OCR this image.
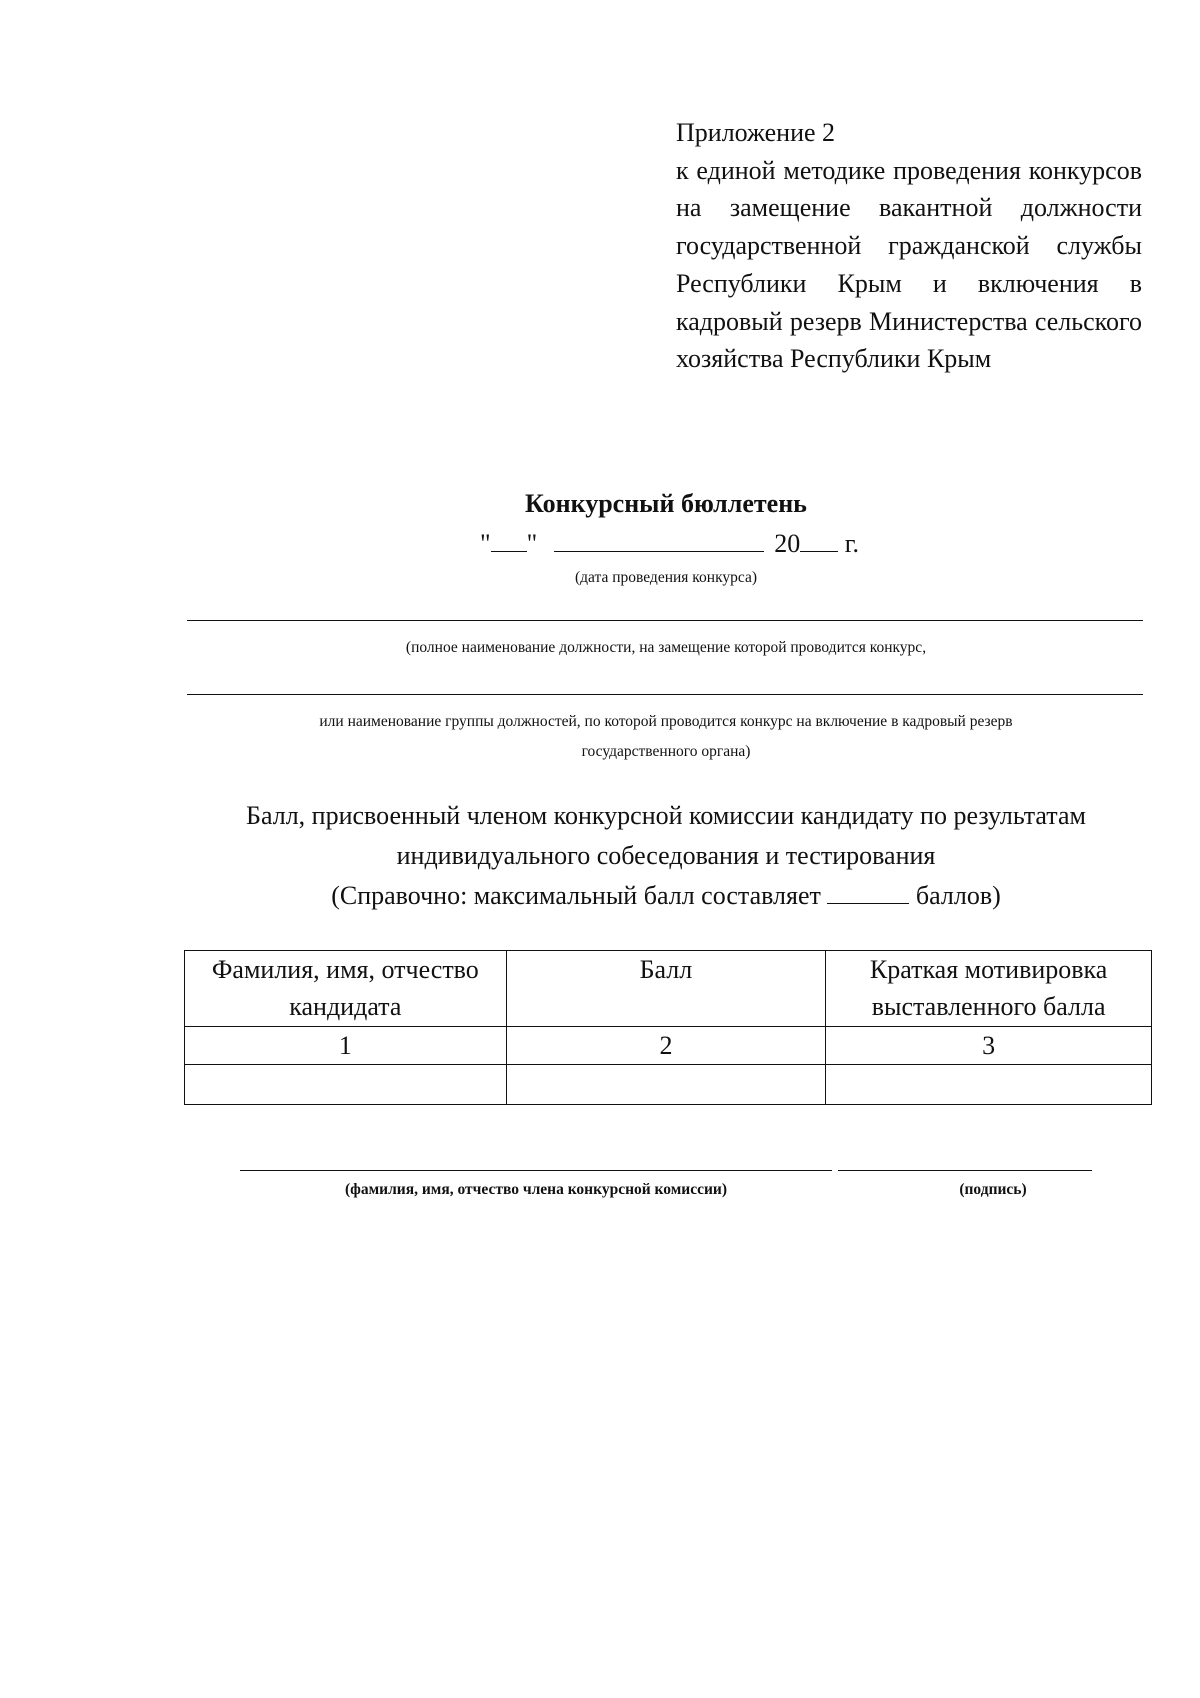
Приложение 2
к единой методике проведения конкурсов на замещение вакантной должности государственной гражданской службы Республики Крым и включения в кадровый резерв Министерства сельского хозяйства Республики Крым
Конкурсный бюллетень
" "	20 г.
(дата проведения конкурса)
(полное наименование должности, на замещение которой проводится конкурс,
или наименование группы должностей, по которой проводится конкурс на включение в кадровый резерв
государственного органа)
Балл, присвоенный членом конкурсной комиссии кандидату по результатам
индивидуального собеседования и тестирования
(Справочно: максимальный балл составляет	баллов)
Фамилия, имя, отчество кандидата	Балл	Краткая мотивировка выставленного балла
1	2	3

(фамилия, имя, отчество члена конкурсной комиссии)	(подпись)
